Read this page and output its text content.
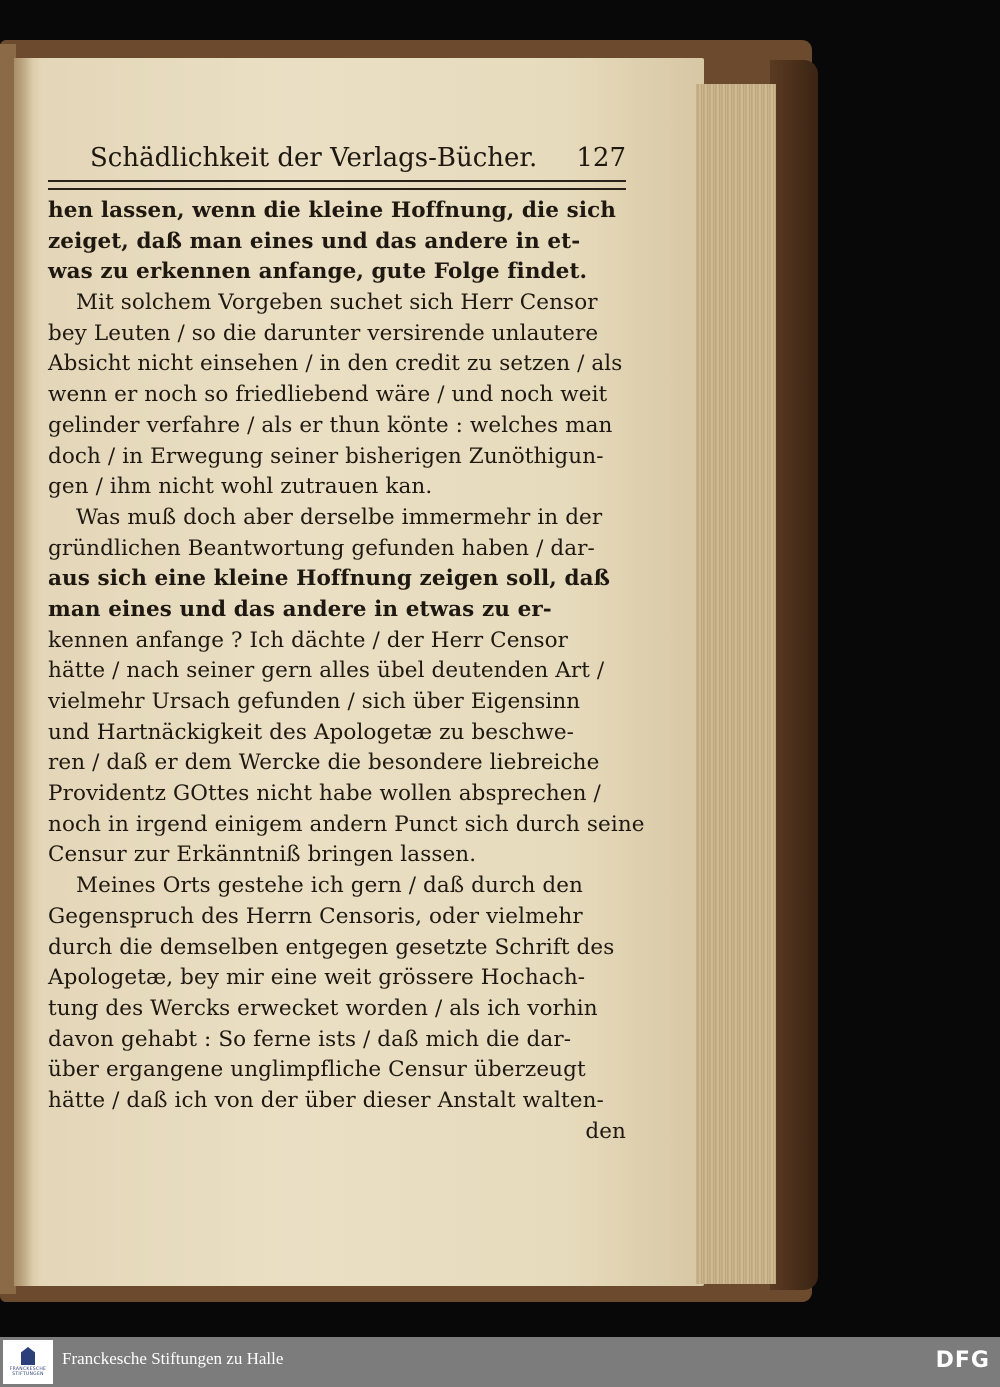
Schädlichkeit der Verlags-Bücher. 127
hen lassen, wenn die kleine Hoffnung, die sich
zeiget, daß man eines und das andere in et-
was zu erkennen anfange, gute Folge findet.
Mit solchem Vorgeben suchet sich Herr Censor
bey Leuten / so die darunter versirende unlautere
Absicht nicht einsehen / in den credit zu setzen / als
wenn er noch so friedliebend wäre / und noch weit
gelinder verfahre / als er thun könte : welches man
doch / in Erwegung seiner bisherigen Zunöthigun-
gen / ihm nicht wohl zutrauen kan.
Was muß doch aber derselbe immermehr in der
gründlichen Beantwortung gefunden haben / dar-
aus sich eine kleine Hoffnung zeigen soll, daß
man eines und das andere in etwas zu er-
kennen anfange ? Ich dächte / der Herr Censor
hätte / nach seiner gern alles übel deutenden Art /
vielmehr Ursach gefunden / sich über Eigensinn
und Hartnäckigkeit des Apologetæ zu beschwe-
ren / daß er dem Wercke die besondere liebreiche
Providentz GOttes nicht habe wollen absprechen /
noch in irgend einigem andern Punct sich durch seine
Censur zur Erkänntniß bringen lassen.
Meines Orts gestehe ich gern / daß durch den
Gegenspruch des Herrn Censoris, oder vielmehr
durch die demselben entgegen gesetzte Schrift des
Apologetæ, bey mir eine weit grössere Hochach-
tung des Wercks erwecket worden / als ich vorhin
davon gehabt : So ferne ists / daß mich die dar-
über ergangene unglimpfliche Censur überzeugt
hätte / daß ich von der über dieser Anstalt walten-
den
FRANCKESCHE STIFTUNGEN
Franckesche Stiftungen zu Halle	DFG
